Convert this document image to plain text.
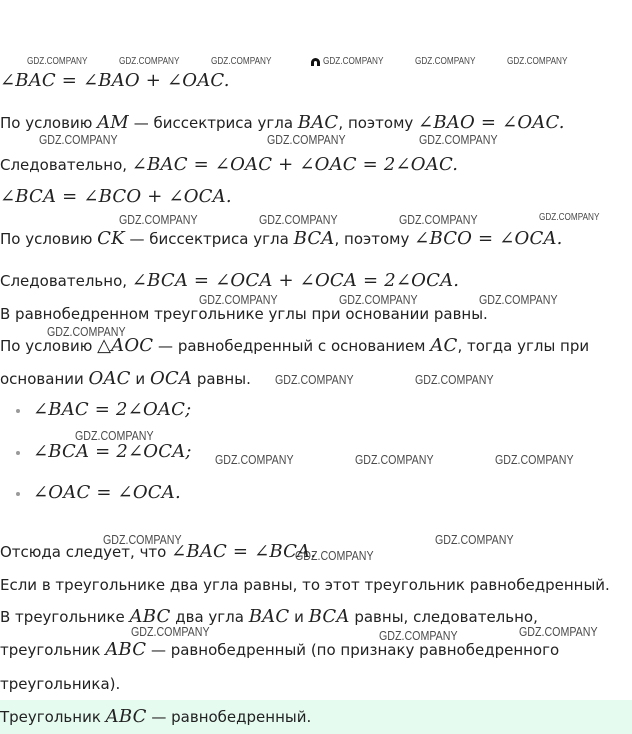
GDZ.COMPANY	GDZ.COMPANY	GDZ.COMPANY	GDZ.COMPANY	GDZ.COMPANY	GDZ.COMPANY
GDZ.COMPANY	GDZ.COMPANY	GDZ.COMPANY
GDZ.COMPANY	GDZ.COMPANY	GDZ.COMPANY	GDZ.COMPANY
GDZ.COMPANY	GDZ.COMPANY	GDZ.COMPANY
GDZ.COMPANY
GDZ.COMPANY	GDZ.COMPANY
GDZ.COMPANY
GDZ.COMPANY	GDZ.COMPANY	GDZ.COMPANY
GDZ.COMPANY	GDZ.COMPANY
GDZ.COMPANY
GDZ.COMPANY	GDZ.COMPANY	GDZ.COMPANY
∠BAC = ∠BAO + ∠OAC.
По условию AM — биссектриса угла BAC, поэтому ∠BAO = ∠OAC.
Следовательно, ∠BAC = ∠OAC + ∠OAC = 2∠OAC.
∠BCA = ∠BCO + ∠OCA.
По условию CK — биссектриса угла BCA, поэтому ∠BCO = ∠OCA.
Следовательно, ∠BCA = ∠OCA + ∠OCA = 2∠OCA.
В равнобедренном треугольнике углы при основании равны.
По условию △AOC — равнобедренный с основанием AC, тогда углы при
основании OAC и OCA равны.
∠BAC = 2∠OAC;
∠BCA = 2∠OCA;
∠OAC = ∠OCA.
Отсюда следует, что ∠BAC = ∠BCA.
Если в треугольнике два угла равны, то этот треугольник равнобедренный.
В треугольнике ABC два угла BAC и BCA равны, следовательно,
треугольник ABC — равнобедренный (по признаку равнобедренного
треугольника).
Треугольник ABC — равнобедренный.
